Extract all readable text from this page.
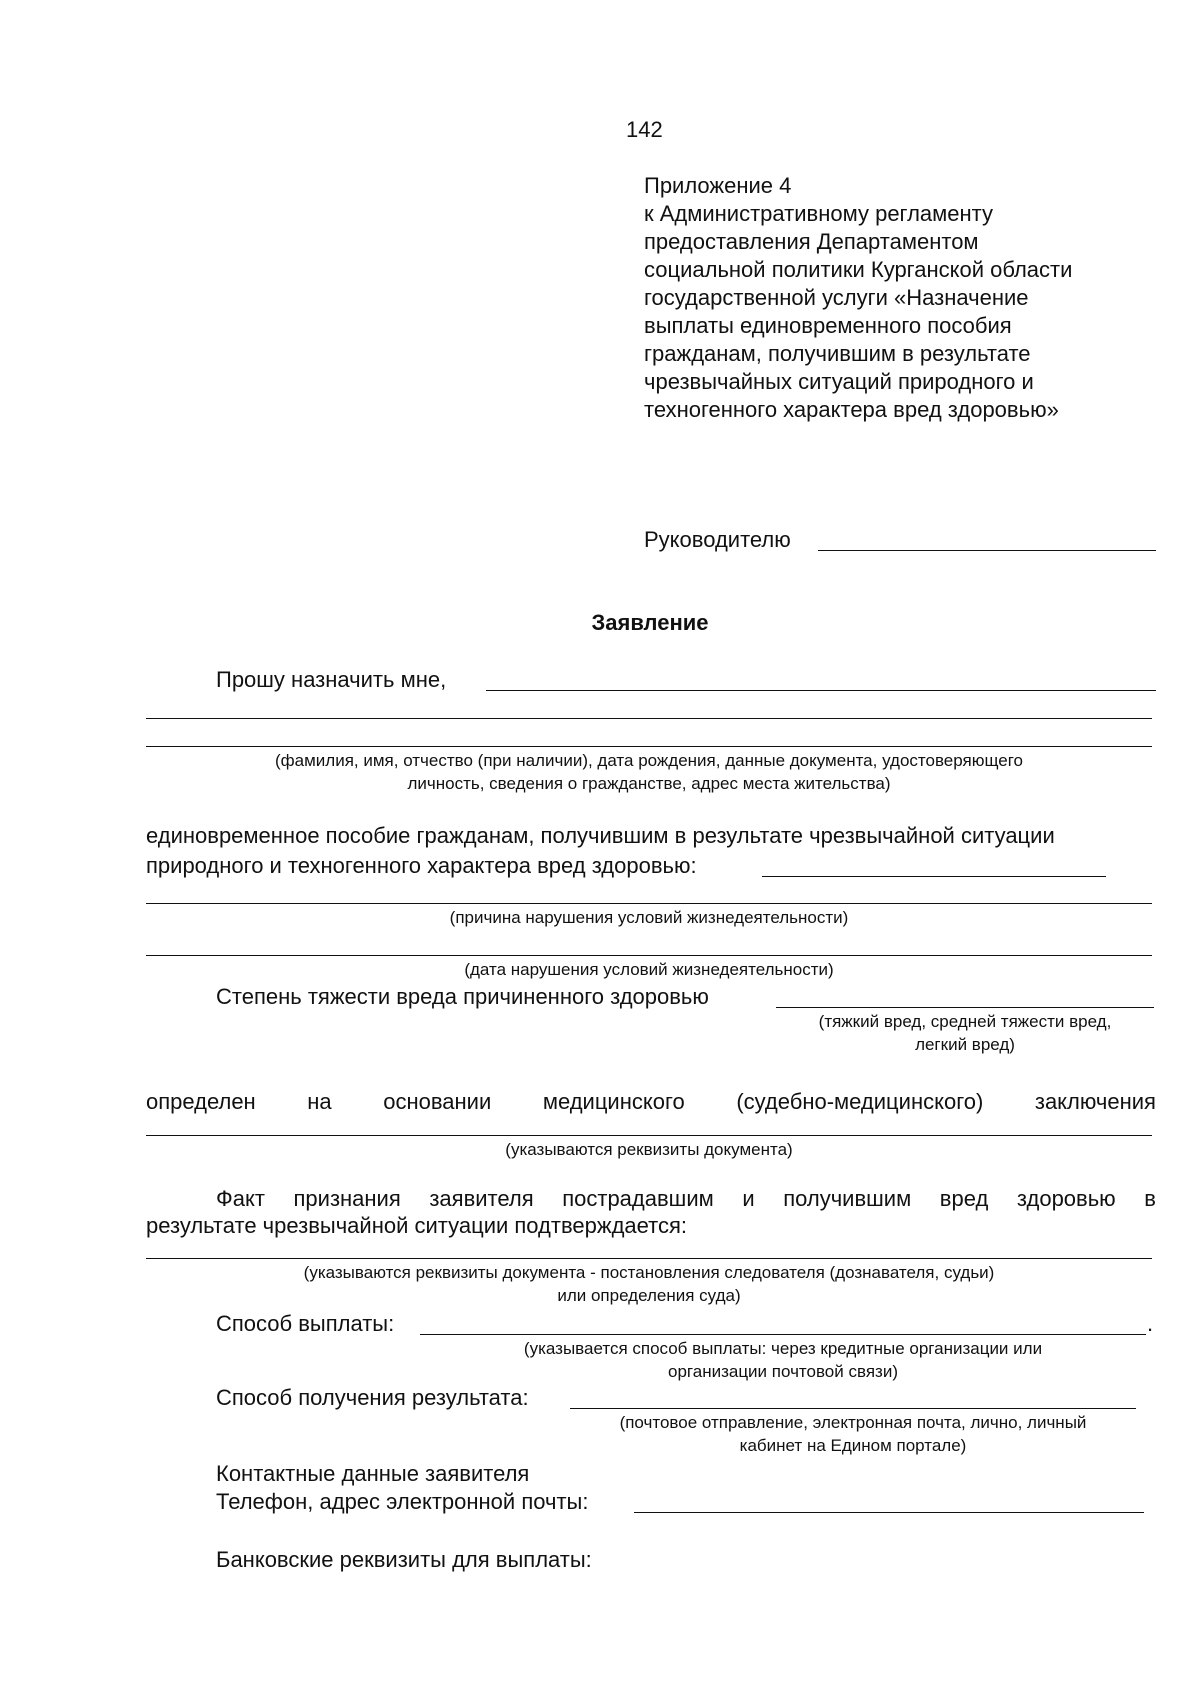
142
Приложение 4
к Административному регламенту
предоставления Департаментом
социальной политики Курганской области
государственной услуги «Назначение
выплаты единовременного пособия
гражданам, получившим в результате
чрезвычайных ситуаций природного и
техногенного характера вред здоровью»
Руководителю
Заявление
Прошу назначить мне,
(фамилия, имя, отчество (при наличии), дата рождения, данные документа, удостоверяющего
личность, сведения о гражданстве, адрес места жительства)
единовременное пособие гражданам, получившим в результате чрезвычайной ситуации
природного и техногенного характера вред здоровью:
(причина нарушения условий жизнедеятельности)
(дата нарушения условий жизнедеятельности)
Степень тяжести вреда причиненного здоровью
(тяжкий вред, средней тяжести вред,
легкий вред)
определен на основании медицинского (судебно-медицинского) заключения
(указываются реквизиты документа)
Факт признания заявителя пострадавшим и получившим вред здоровью в
результате чрезвычайной ситуации подтверждается:
(указываются реквизиты документа - постановления следователя (дознавателя, судьи)
или определения суда)
Способ выплаты:	.
(указывается способ выплаты: через кредитные организации или
организации почтовой связи)
Способ получения результата:
(почтовое отправление, электронная почта, лично, личный
кабинет на Едином портале)
Контактные данные заявителя
Телефон, адрес электронной почты:
Банковские реквизиты для выплаты:
